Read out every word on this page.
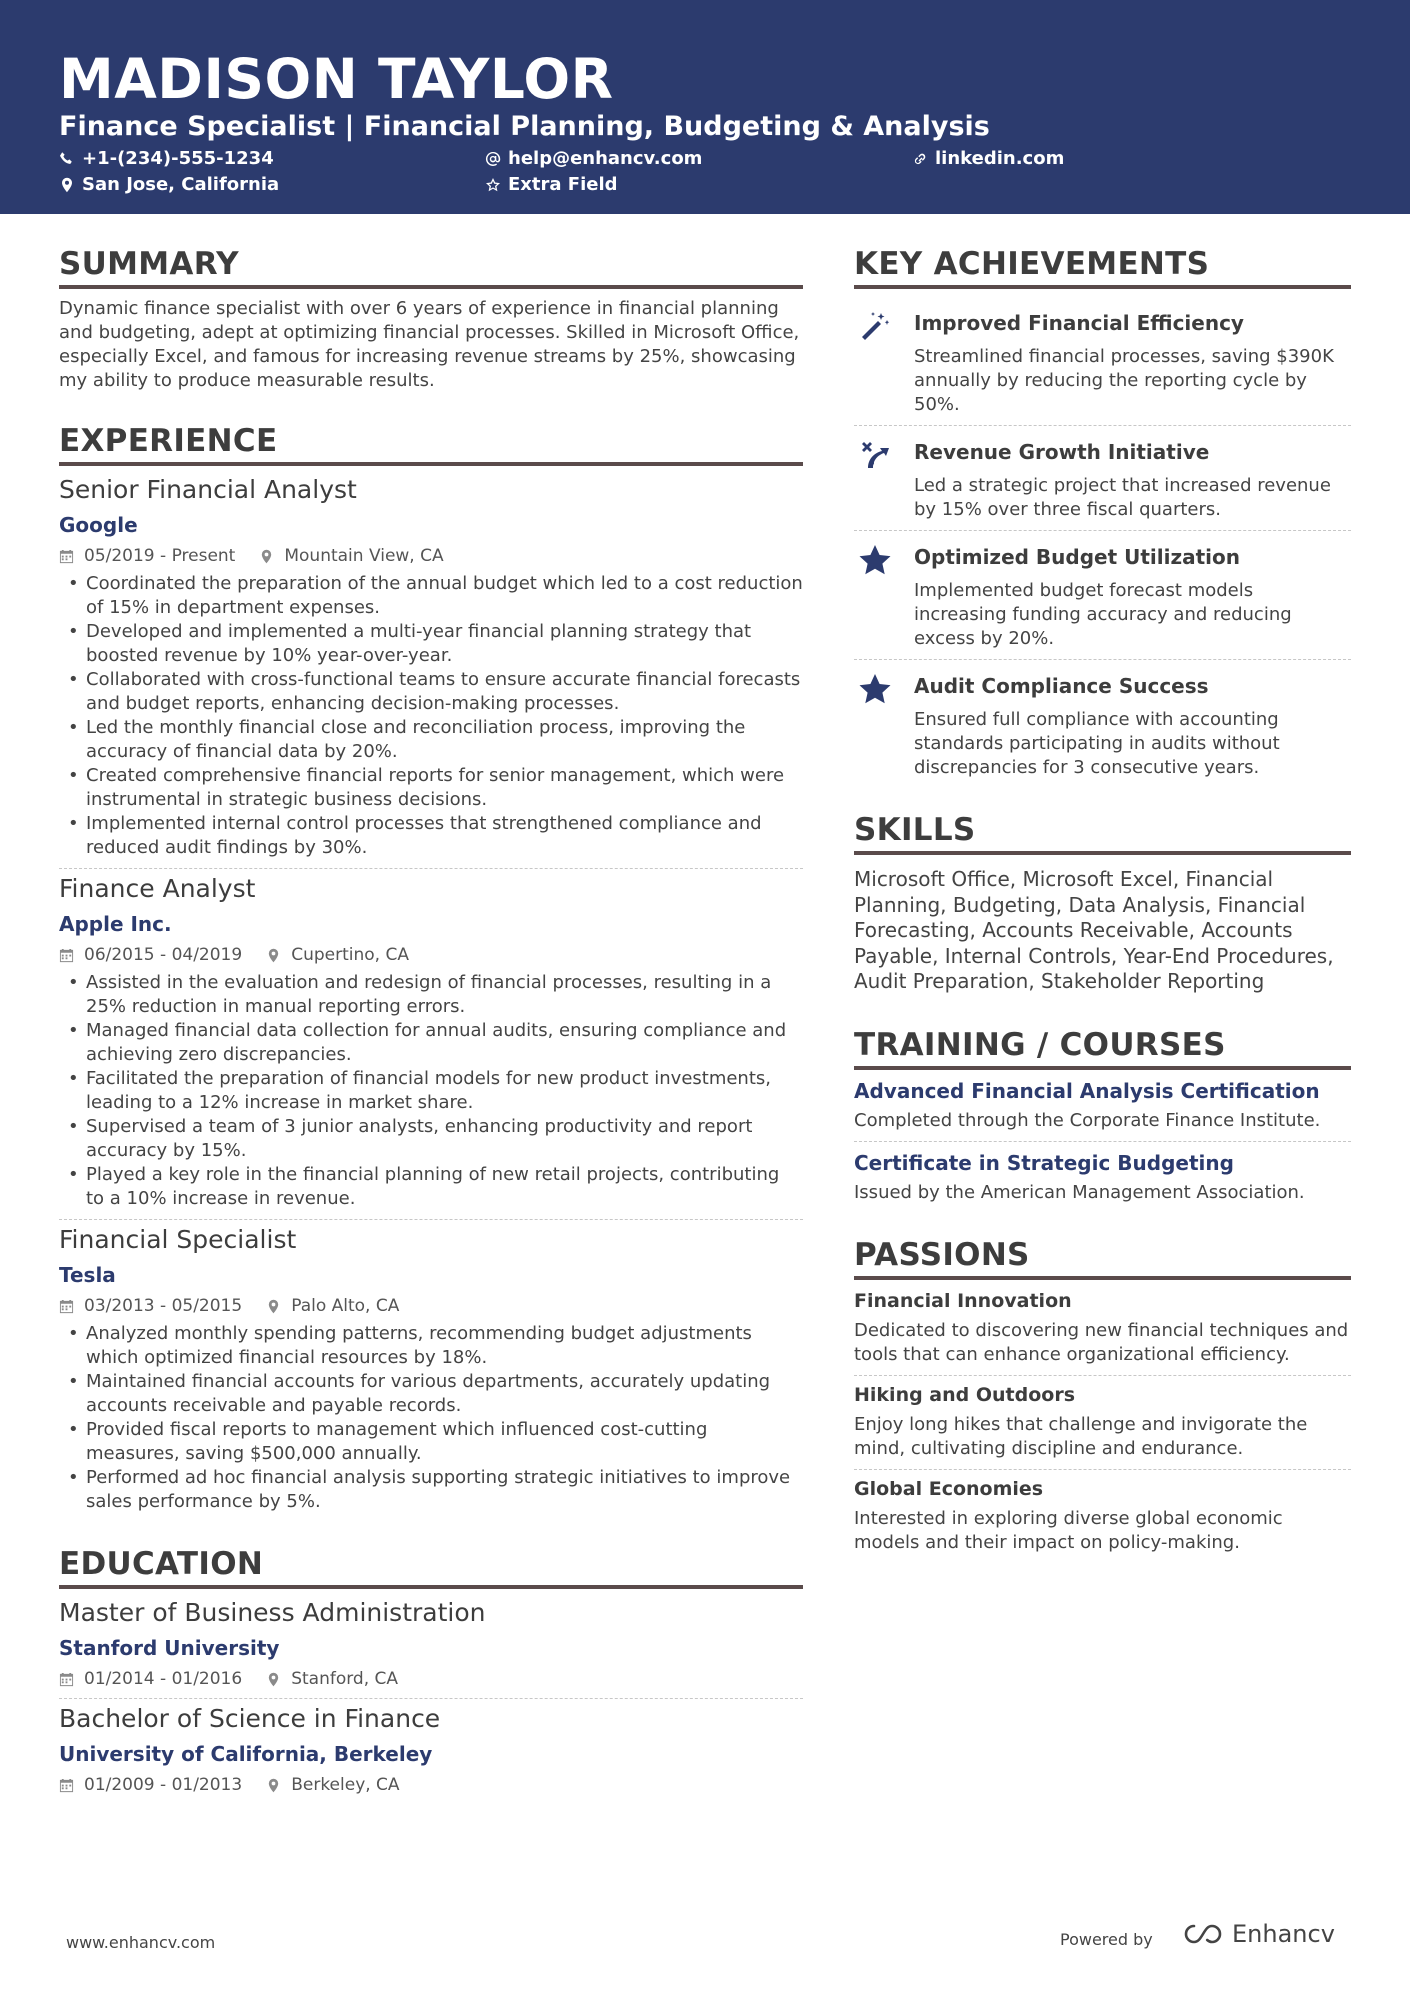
MADISON TAYLOR
Finance Specialist | Financial Planning, Budgeting & Analysis
+1-(234)-555-1234	help@enhancv.com	linkedin.com
San Jose, California	Extra Field
SUMMARY
Dynamic finance specialist with over 6 years of experience in financial planning and budgeting, adept at optimizing financial processes. Skilled in Microsoft Office, especially Excel, and famous for increasing revenue streams by 25%, showcasing my ability to produce measurable results.
EXPERIENCE
Senior Financial Analyst
Google
05/2019 - Present	Mountain View, CA
• Coordinated the preparation of the annual budget which led to a cost reduction of 15% in department expenses.
• Developed and implemented a multi-year financial planning strategy that boosted revenue by 10% year-over-year.
• Collaborated with cross-functional teams to ensure accurate financial forecasts and budget reports, enhancing decision-making processes.
• Led the monthly financial close and reconciliation process, improving the accuracy of financial data by 20%.
• Created comprehensive financial reports for senior management, which were instrumental in strategic business decisions.
• Implemented internal control processes that strengthened compliance and reduced audit findings by 30%.
Finance Analyst
Apple Inc.
06/2015 - 04/2019	Cupertino, CA
• Assisted in the evaluation and redesign of financial processes, resulting in a 25% reduction in manual reporting errors.
• Managed financial data collection for annual audits, ensuring compliance and achieving zero discrepancies.
• Facilitated the preparation of financial models for new product investments, leading to a 12% increase in market share.
• Supervised a team of 3 junior analysts, enhancing productivity and report accuracy by 15%.
• Played a key role in the financial planning of new retail projects, contributing to a 10% increase in revenue.
Financial Specialist
Tesla
03/2013 - 05/2015	Palo Alto, CA
• Analyzed monthly spending patterns, recommending budget adjustments which optimized financial resources by 18%.
• Maintained financial accounts for various departments, accurately updating accounts receivable and payable records.
• Provided fiscal reports to management which influenced cost-cutting measures, saving $500,000 annually.
• Performed ad hoc financial analysis supporting strategic initiatives to improve sales performance by 5%.
EDUCATION
Master of Business Administration
Stanford University
01/2014 - 01/2016	Stanford, CA
Bachelor of Science in Finance
University of California, Berkeley
01/2009 - 01/2013	Berkeley, CA
KEY ACHIEVEMENTS
Improved Financial Efficiency
Streamlined financial processes, saving $390K annually by reducing the reporting cycle by 50%.
Revenue Growth Initiative
Led a strategic project that increased revenue by 15% over three fiscal quarters.
Optimized Budget Utilization
Implemented budget forecast models increasing funding accuracy and reducing excess by 20%.
Audit Compliance Success
Ensured full compliance with accounting standards participating in audits without discrepancies for 3 consecutive years.
SKILLS
Microsoft Office, Microsoft Excel, Financial Planning, Budgeting, Data Analysis, Financial Forecasting, Accounts Receivable, Accounts Payable, Internal Controls, Year-End Procedures, Audit Preparation, Stakeholder Reporting
TRAINING / COURSES
Advanced Financial Analysis Certification
Completed through the Corporate Finance Institute.
Certificate in Strategic Budgeting
Issued by the American Management Association.
PASSIONS
Financial Innovation
Dedicated to discovering new financial techniques and tools that can enhance organizational efficiency.
Hiking and Outdoors
Enjoy long hikes that challenge and invigorate the mind, cultivating discipline and endurance.
Global Economies
Interested in exploring diverse global economic models and their impact on policy-making.
www.enhancv.com	Powered by	Enhancv
